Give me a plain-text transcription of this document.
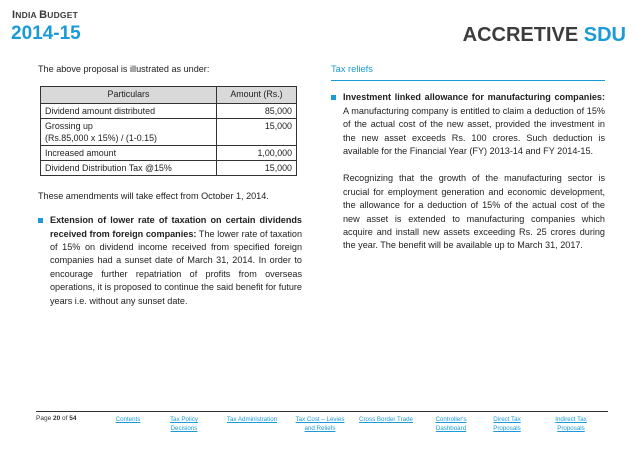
INDIA BUDGET
2014-15	ACCRETIVE SDU
The above proposal is illustrated as under:
Particulars	Amount (Rs.)
Dividend amount distributed	85,000

Grossing up
(Rs.85,000 x 15%) / (1-0.15)	15,000
Increased amount	1,00,000
Dividend Distribution Tax @15%	15,000
These amendments will take effect from October 1, 2014.
Extension of lower rate of taxation on certain dividends received from foreign companies: The lower rate of taxation of 15% on dividend income received from specified foreign companies had a sunset date of March 31, 2014. In order to encourage further repatriation of profits from overseas operations, it is proposed to continue the said benefit for future years i.e. without any sunset date.
Tax reliefs
Investment linked allowance for manufacturing companies: A manufacturing company is entitled to claim a deduction of 15% of the actual cost of the new asset, provided the investment in the new asset exceeds Rs. 100 crores. Such deduction is available for the Financial Year (FY) 2013-14 and FY 2014-15.
Recognizing that the growth of the manufacturing sector is crucial for employment generation and economic development, the allowance for a deduction of 15% of the actual cost of the new asset is extended to manufacturing companies which acquire and install new assets exceeding Rs. 25 crores during the year. The benefit will be available up to March 31, 2017.
Page 20 of 54	Contents	Tax Policy
Decisions
Tax Administration	Tax Cost – Levies
and Reliefs
Cross Border Trade	Controller's
Dashboard
Direct Tax
Proposals
Indirect Tax
Proposals
